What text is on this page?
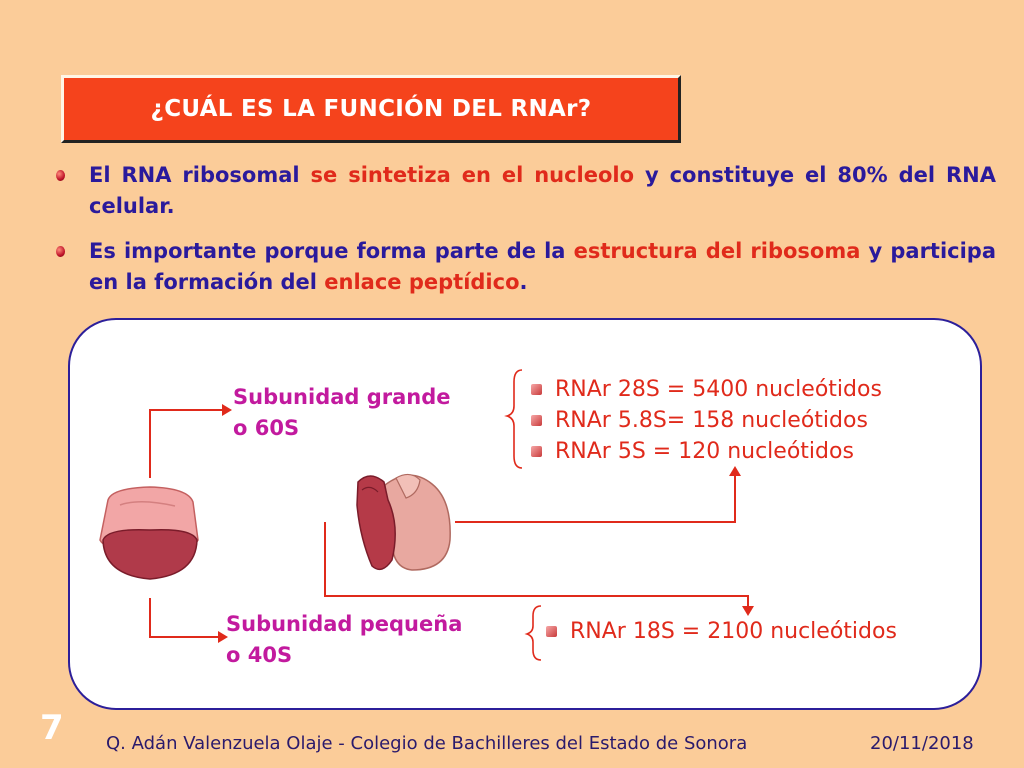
¿CUÁL ES LA FUNCIÓN DEL RNAr?
El RNA ribosomal se sintetiza en el nucleolo y constituye el 80% del RNA celular.
Es importante porque forma parte de la estructura del ribosoma y participa en la formación del enlace peptídico.
Subunidad grande
o 60S
RNAr 28S = 5400 nucleótidos
RNAr 5.8S= 158 nucleótidos
RNAr 5S = 120 nucleótidos
Subunidad pequeña
o 40S
RNAr 18S = 2100 nucleótidos
7 Q. Adán Valenzuela Olaje - Colegio de Bachilleres del Estado de Sonora	20/11/2018
